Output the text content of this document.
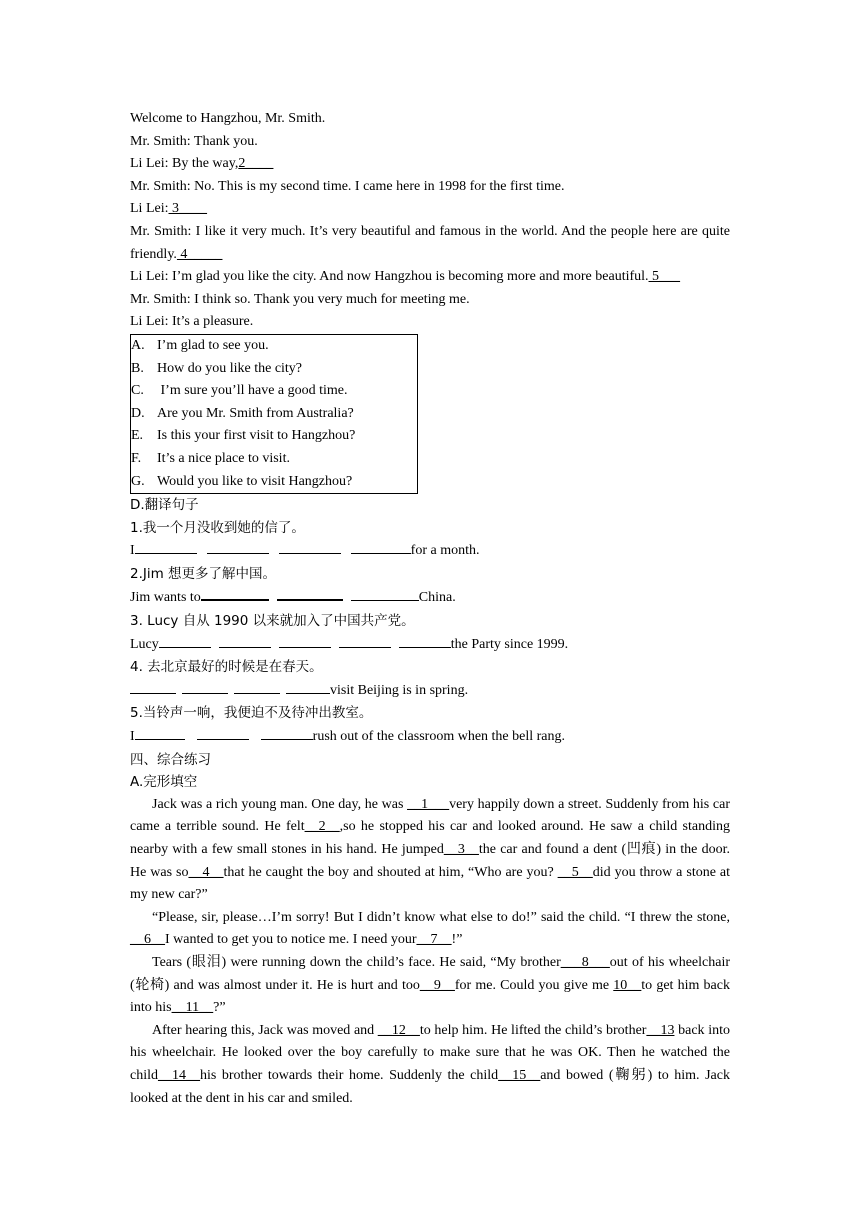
Welcome to Hangzhou, Mr. Smith.
Mr. Smith: Thank you.
Li Lei: By the way,2____
Mr. Smith: No. This is my second time. I came here in 1998 for the first time.
Li Lei: 3____
Mr. Smith: I like it very much. It’s very beautiful and famous in the world. And the people here are quite friendly. 4_____
Li Lei: I’m glad you like the city. And now Hangzhou is becoming more and more beautiful. 5___
Mr. Smith: I think so. Thank you very much for meeting me.
Li Lei: It’s a pleasure.
A. I’m glad to see you.
B. How do you like the city?
C. I’m sure you’ll have a good time.
D. Are you Mr. Smith from Australia?
E. Is this your first visit to Hangzhou?
F. It’s a nice place to visit.
G. Would you like to visit Hangzhou?
D.翻译句子
1.我一个月没收到她的信了。
I	for a month.
2.Jim 想更多了解中国。
Jim wants to	China.
3. Lucy 自从 1990 以来就加入了中国共产党。
Lucy	the Party since 1999.
4. 去北京最好的时候是在春天。
visit Beijing is in spring.
5.当铃声一响，我便迫不及待冲出教室。
I	rush out of the classroom when the bell rang.
四、综合练习
A.完形填空
Jack was a rich young man. One day, he was __1___very happily down a street. Suddenly from his car came a terrible sound. He felt__2__,so he stopped his car and looked around. He saw a child standing nearby with a few small stones in his hand. He jumped__3__the car and found a dent (凹痕) in the door. He was so__4__that he caught the boy and shouted at him, “Who are you? __5__did you throw a stone at my new car?”
“Please, sir, please…I’m sorry! But I didn’t know what else to do!” said the child. “I threw the stone, __6__I wanted to get you to notice me. I need your__7__!”
Tears (眼泪) were running down the child’s face. He said, “My brother___8___out of his wheelchair (轮椅) and was almost under it. He is hurt and too__9__for me. Could you give me 10__to get him back into his__11__?”
After hearing this, Jack was moved and __12__to help him. He lifted the child’s brother__13 back into his wheelchair. He looked over the boy carefully to make sure that he was OK. Then he watched the child__14__his brother towards their home. Suddenly the child__15__and bowed (鞠躬) to him. Jack looked at the dent in his car and smiled.
